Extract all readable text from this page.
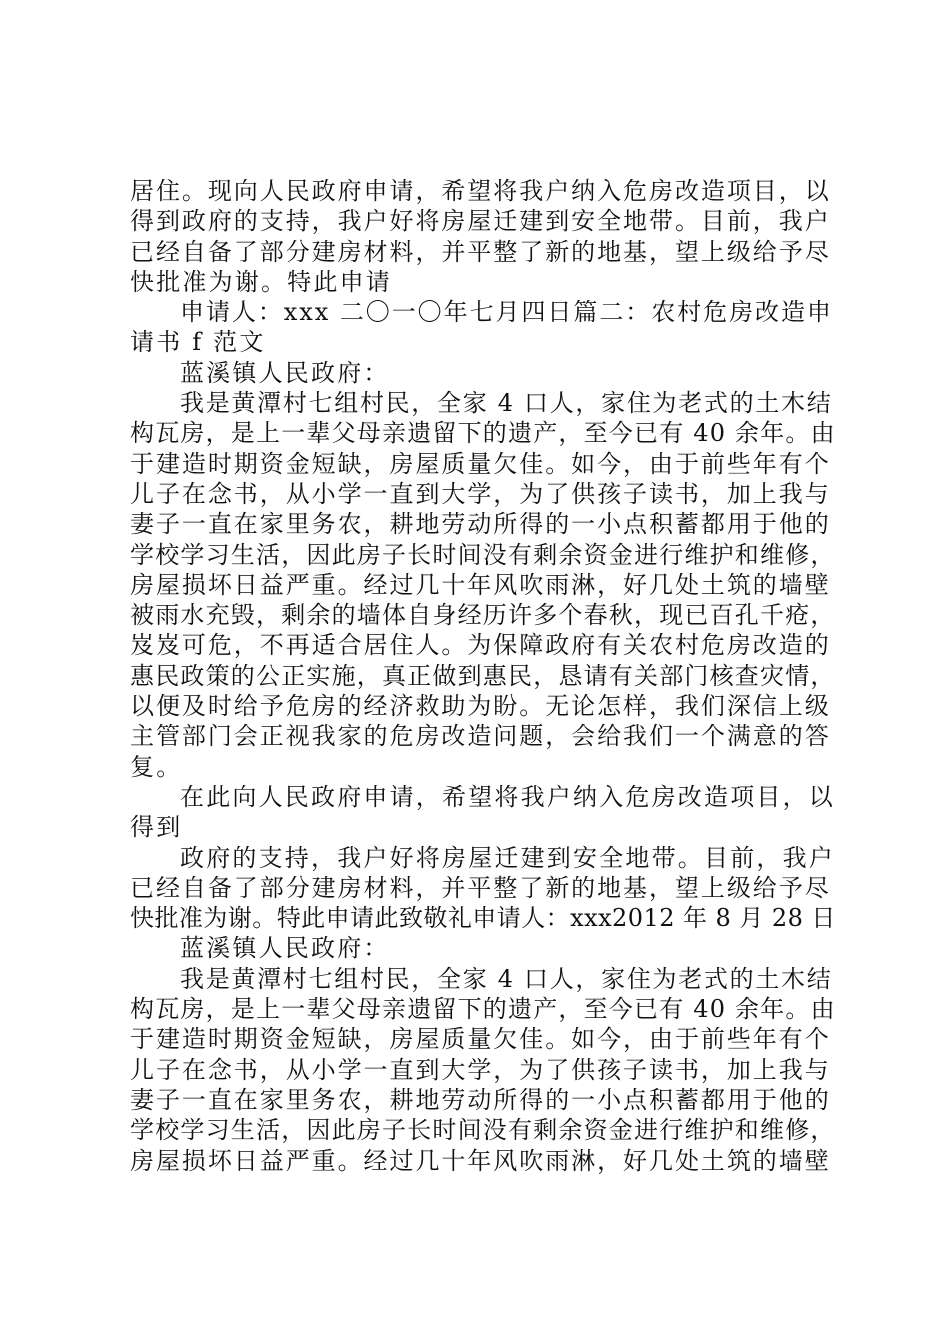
居住。现向人民政府申请，希望将我户纳入危房改造项目，以
得到政府的支持，我户好将房屋迁建到安全地带。目前，我户
已经自备了部分建房材料，并平整了新的地基，望上级给予尽
快批准为谢。特此申请
申请人：xxx 二〇一〇年七月四日篇二：农村危房改造申
请书 f 范文
蓝溪镇人民政府：
我是黄潭村七组村民，全家 4 口人，家住为老式的土木结
构瓦房，是上一辈父母亲遗留下的遗产，至今已有 40 余年。由
于建造时期资金短缺，房屋质量欠佳。如今，由于前些年有个
儿子在念书，从小学一直到大学，为了供孩子读书，加上我与
妻子一直在家里务农，耕地劳动所得的一小点积蓄都用于他的
学校学习生活，因此房子长时间没有剩余资金进行维护和维修，
房屋损坏日益严重。经过几十年风吹雨淋，好几处土筑的墙壁
被雨水充毁，剩余的墙体自身经历许多个春秋，现已百孔千疮，
岌岌可危，不再适合居住人。为保障政府有关农村危房改造的
惠民政策的公正实施，真正做到惠民，恳请有关部门核查灾情，
以便及时给予危房的经济救助为盼。无论怎样，我们深信上级
主管部门会正视我家的危房改造问题，会给我们一个满意的答
复。
在此向人民政府申请，希望将我户纳入危房改造项目，以
得到
政府的支持，我户好将房屋迁建到安全地带。目前，我户
已经自备了部分建房材料，并平整了新的地基，望上级给予尽
快批准为谢。特此申请此致敬礼申请人：xxx2012 年 8 月 28 日
蓝溪镇人民政府：
我是黄潭村七组村民，全家 4 口人，家住为老式的土木结
构瓦房，是上一辈父母亲遗留下的遗产，至今已有 40 余年。由
于建造时期资金短缺，房屋质量欠佳。如今，由于前些年有个
儿子在念书，从小学一直到大学，为了供孩子读书，加上我与
妻子一直在家里务农，耕地劳动所得的一小点积蓄都用于他的
学校学习生活，因此房子长时间没有剩余资金进行维护和维修，
房屋损坏日益严重。经过几十年风吹雨淋，好几处土筑的墙壁
